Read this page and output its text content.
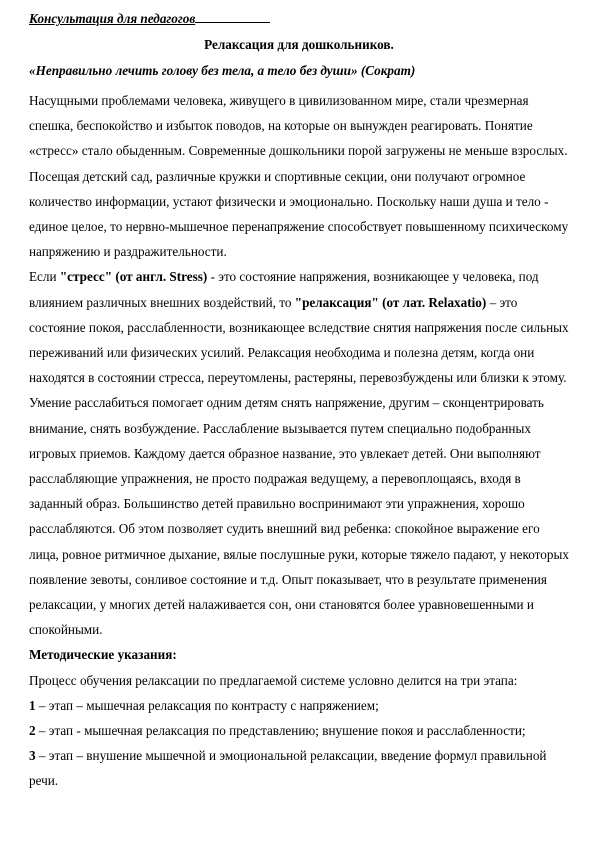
Консультация для педагогов
Релаксация для дошкольников.
«Неправильно лечить голову без тела, а тело без души» (Сократ)

Насущными проблемами человека, живущего в цивилизованном мире, стали чрезмерная спешка, беспокойство и избыток поводов, на которые он вынужден реагировать. Понятие «стресс» стало обыденным. Современные дошкольники порой загружены не меньше взрослых. Посещая детский сад, различные кружки и спортивные секции, они получают огромное количество информации, устают физически и эмоционально. Поскольку наши душа и тело - единое целое, то нервно-мышечное перенапряжение способствует повышенному психическому напряжению и раздражительности.

Если "стресс" (от англ. Stress) - это состояние напряжения, возникающее у человека, под влиянием различных внешних воздействий, то "релаксация" (от лат. Relaxatio) – это состояние покоя, расслабленности, возникающее вследствие снятия напряжения после сильных переживаний или физических усилий. Релаксация необходима и полезна детям, когда они находятся в состоянии стресса, переутомлены, растеряны, перевозбуждены или близки к этому. Умение расслабиться помогает одним детям снять напряжение, другим – сконцентрировать внимание, снять возбуждение. Расслабление вызывается путем специально подобранных игровых приемов. Каждому дается образное название, это увлекает детей. Они выполняют расслабляющие упражнения, не просто подражая ведущему, а перевоплощаясь, входя в заданный образ. Большинство детей правильно воспринимают эти упражнения, хорошо расслабляются. Об этом позволяет судить внешний вид ребенка: спокойное выражение его лица, ровное ритмичное дыхание, вялые послушные руки, которые тяжело падают, у некоторых появление зевоты, сонливое состояние и т.д. Опыт показывает, что в результате применения релаксации, у многих детей налаживается сон, они становятся более уравновешенными и спокойными.

Методические указания:

Процесс обучения релаксации по предлагаемой системе условно делится на три этапа:

1 – этап – мышечная релаксация по контрасту с напряжением;

2 – этап - мышечная релаксация по представлению; внушение покоя и расслабленности;

3 – этап – внушение мышечной и эмоциональной релаксации, введение формул правильной речи.
